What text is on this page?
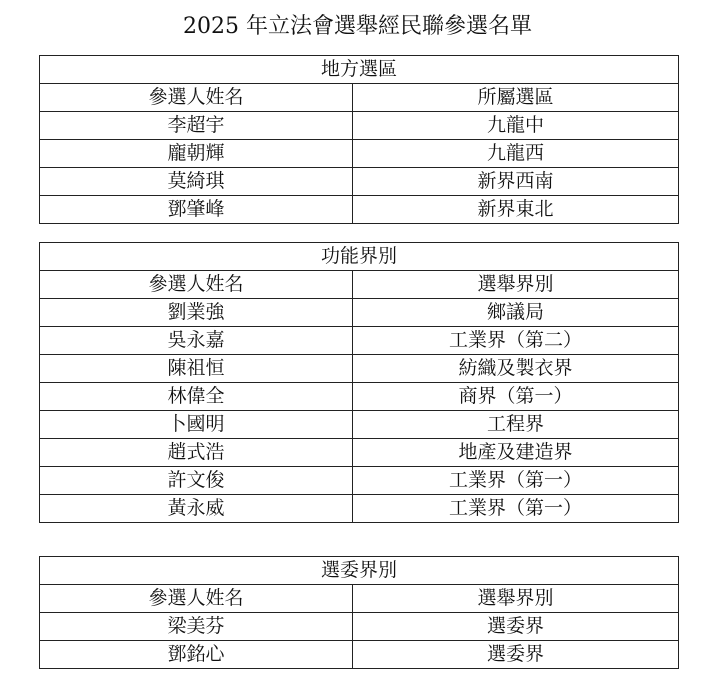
2025 年立法會選舉經民聯參選名單
地方選區	
參選人姓名	所屬選區
李超宇	九龍中
龐朝輝	九龍西
莫綺琪	新界西南
鄧肇峰	新界東北
功能界別	
參選人姓名	選舉界別
劉業強	鄉議局
吳永嘉	工業界（第二）
陳祖恒	紡織及製衣界
林偉全	商界（第一）
卜國明	工程界
趙式浩	地產及建造界
許文俊	工業界（第一）
黃永威	工業界（第一）
選委界別	
參選人姓名	選舉界別
梁美芬	選委界
鄧銘心	選委界
